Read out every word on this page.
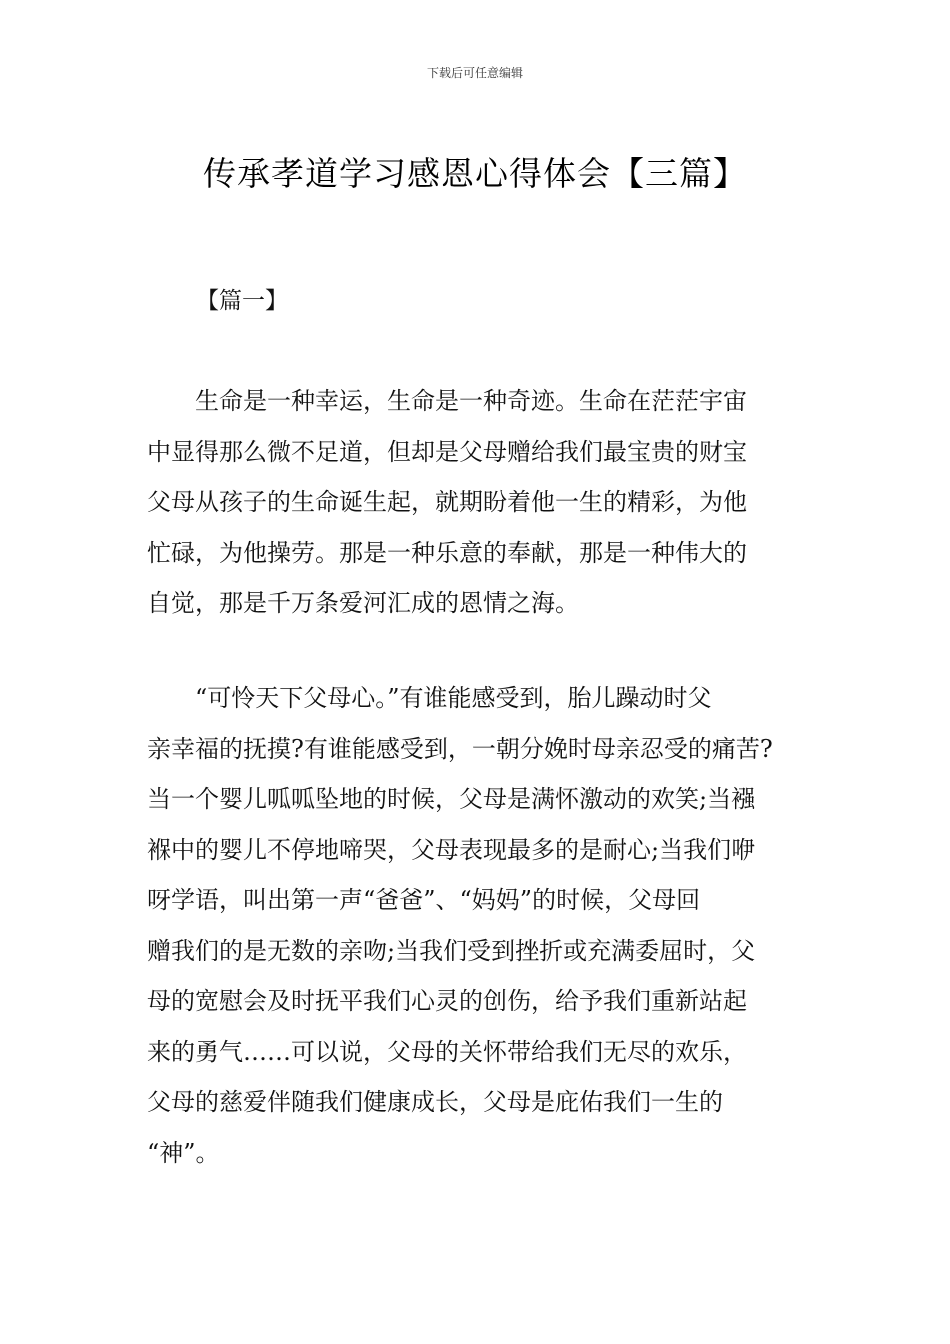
下载后可任意编辑
传承孝道学习感恩心得体会【三篇】
【篇一】

　　生命是一种幸运，生命是一种奇迹。生命在茫茫宇宙
中显得那么微不足道，但却是父母赠给我们最宝贵的财宝
父母从孩子的生命诞生起，就期盼着他一生的精彩，为他
忙碌，为他操劳。那是一种乐意的奉献，那是一种伟大的
自觉，那是千万条爱河汇成的恩情之海。

　　“可怜天下父母心。”有谁能感受到，胎儿躁动时父
亲幸福的抚摸?有谁能感受到，一朝分娩时母亲忍受的痛苦?
当一个婴儿呱呱坠地的时候，父母是满怀激动的欢笑;当襁
褓中的婴儿不停地啼哭，父母表现最多的是耐心;当我们咿
呀学语，叫出第一声“爸爸”、“妈妈”的时候，父母回
赠我们的是无数的亲吻;当我们受到挫折或充满委屈时，父
母的宽慰会及时抚平我们心灵的创伤，给予我们重新站起
来的勇气……可以说，父母的关怀带给我们无尽的欢乐，
父母的慈爱伴随我们健康成长，父母是庇佑我们一生的
“神”。
